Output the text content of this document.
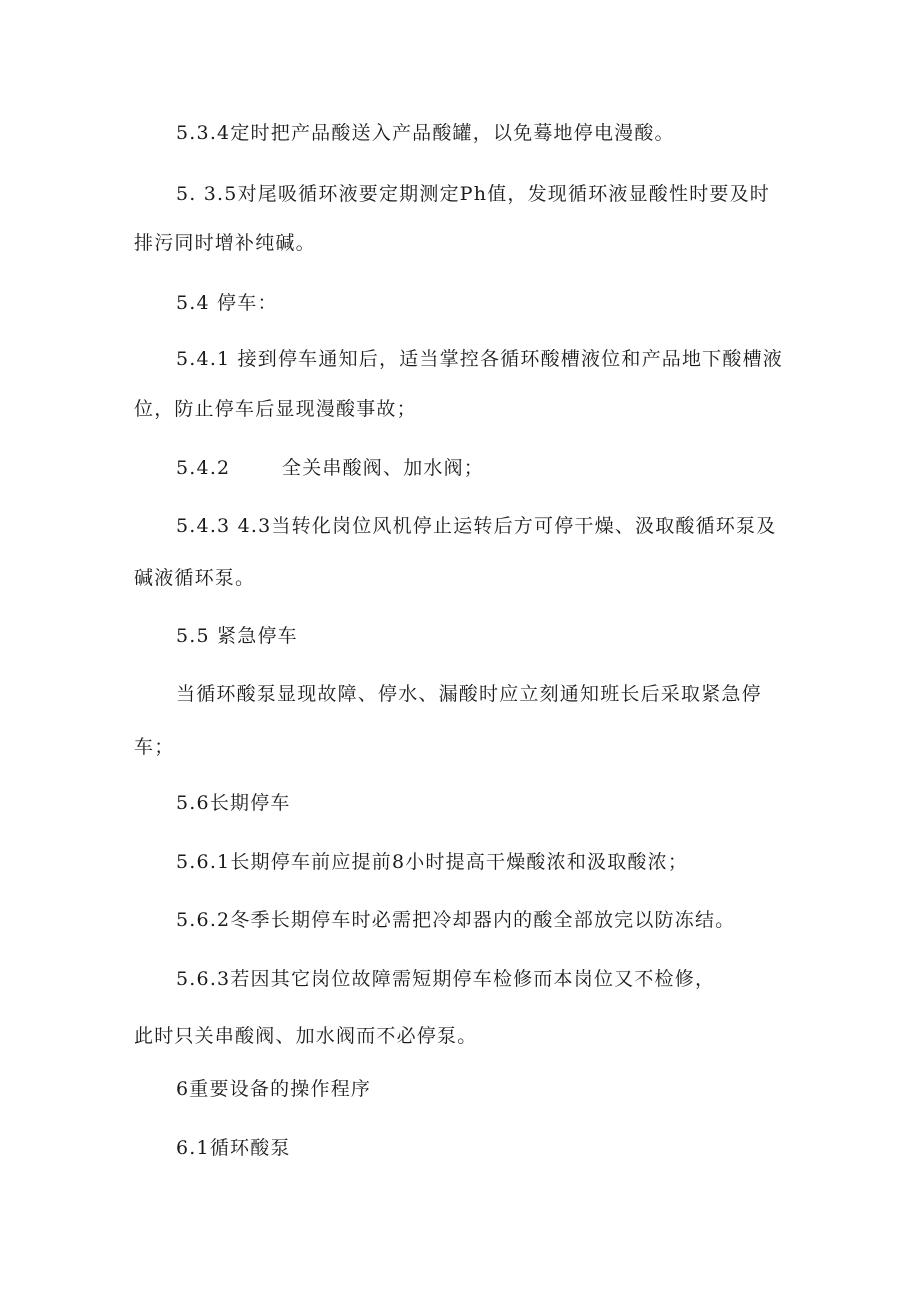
5.3.4定时把产品酸送入产品酸罐，以免蓦地停电漫酸。
5. 3.5对尾吸循环液要定期测定Ph值，发现循环液显酸性时要及时
排污同时增补纯碱。
5.4 停车：
5.4.1 接到停车通知后，适当掌控各循环酸槽液位和产品地下酸槽液
位，防止停车后显现漫酸事故；
5.4.2	全关串酸阀、加水阀；
5.4.3 4.3当转化岗位风机停止运转后方可停干燥、汲取酸循环泵及
碱液循环泵。
5.5 紧急停车
当循环酸泵显现故障、停水、漏酸时应立刻通知班长后采取紧急停
车；
5.6长期停车
5.6.1长期停车前应提前8小时提高干燥酸浓和汲取酸浓；
5.6.2冬季长期停车时必需把冷却器内的酸全部放完以防冻结。
5.6.3若因其它岗位故障需短期停车检修而本岗位又不检修，
此时只关串酸阀、加水阀而不必停泵。
6重要设备的操作程序
6.1循环酸泵
